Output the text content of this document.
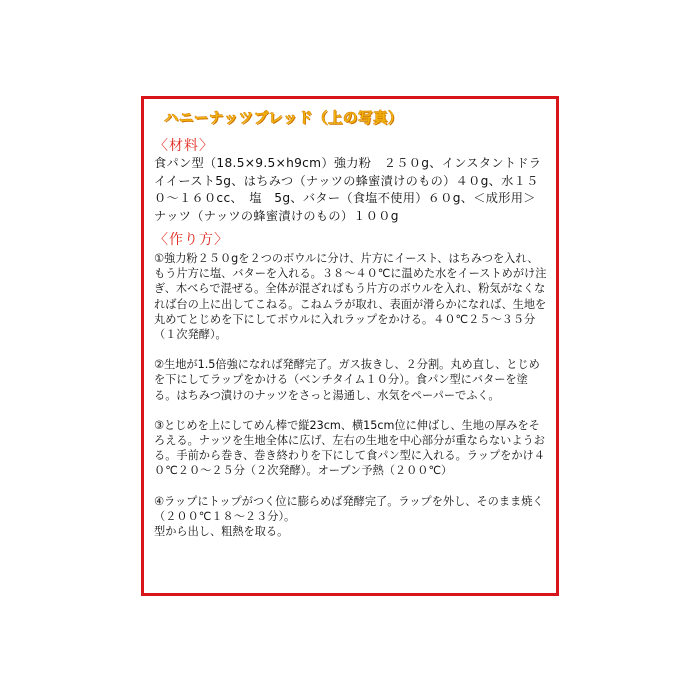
ハニーナッツブレッド（上の写真）
〈材料〉
食パン型（18.5×9.5×h9cm）強力粉　２５０g、インスタントドライイースト5g、はちみつ（ナッツの蜂蜜漬けのもの）４０g、水１５０～１６０cc、　塩　5g、バター（食塩不使用）６０g、＜成形用＞ナッツ（ナッツの蜂蜜漬けのもの）１００g
〈作り方〉
①強力粉２５０gを２つのボウルに分け、片方にイースト、はちみつを入れ、もう片方に塩、バターを入れる。３８～４０℃に温めた水をイーストめがけ注ぎ、木べらで混ぜる。全体が混ざればもう片方のボウルを入れ、粉気がなくなれば台の上に出してこねる。こねムラが取れ、表面が滑らかになれば、生地を丸めてとじめを下にしてボウルに入れラップをかける。４０℃２５～３５分（１次発酵）。
②生地が1.5倍強になれば発酵完了。ガス抜きし、２分割。丸め直し、とじめを下にしてラップをかける（ベンチタイム１０分）。食パン型にバターを塗る。はちみつ漬けのナッツをさっと湯通し、水気をペーパーでふく。
③とじめを上にしてめん棒で縦23cm、横15cm位に伸ばし、生地の厚みをそろえる。ナッツを生地全体に広げ、左右の生地を中心部分が重ならないようおる。手前から巻き、巻き終わりを下にして食パン型に入れる。ラップをかけ４０℃２０～２５分（２次発酵）。オーブン予熱（２００℃）
④ラップにトップがつく位に膨らめば発酵完了。ラップを外し、そのまま焼く（２００℃１８～２３分）。
型から出し、粗熱を取る。
